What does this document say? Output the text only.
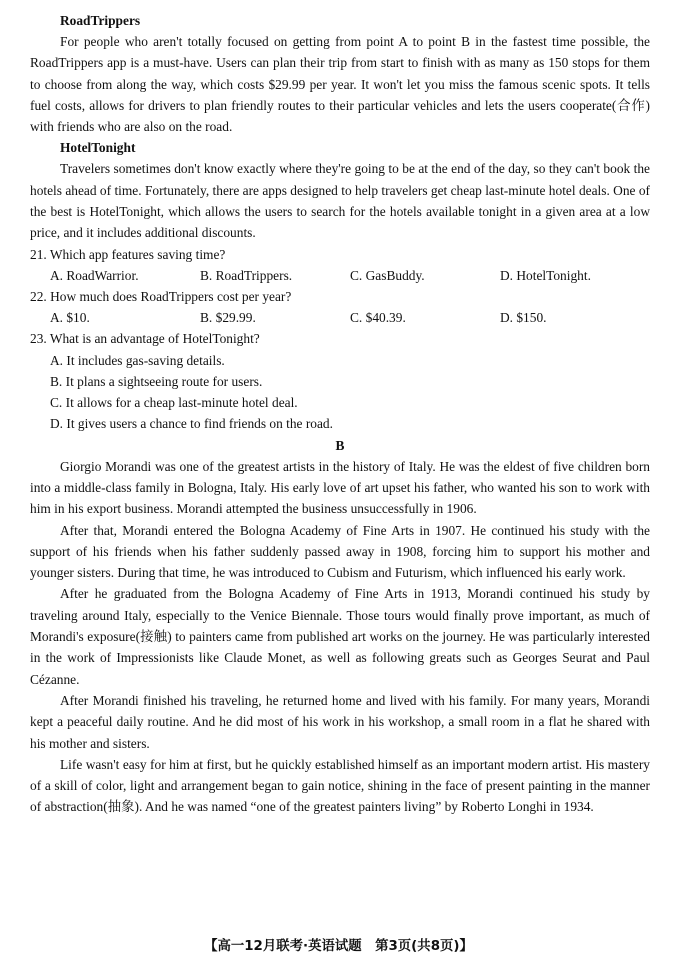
RoadTrippers

For people who aren't totally focused on getting from point A to point B in the fastest time possible, the RoadTrippers app is a must-have. Users can plan their trip from start to finish with as many as 150 stops for them to choose from along the way, which costs $29.99 per year. It won't let you miss the famous scenic spots. It tells fuel costs, allows for drivers to plan friendly routes to their particular vehicles and lets the users cooperate(合作) with friends who are also on the road.

HotelTonight

Travelers sometimes don't know exactly where they're going to be at the end of the day, so they can't book the hotels ahead of time. Fortunately, there are apps designed to help travelers get cheap last-minute hotel deals. One of the best is HotelTonight, which allows the users to search for the hotels available tonight in a given area at a low price, and it includes additional discounts.

21. Which app features saving time?

A. RoadWarrior.	B. RoadTrippers.	C. GasBuddy.	D. HotelTonight.

22. How much does RoadTrippers cost per year?

A. $10.	B. $29.99.	C. $40.39.	D. $150.

23. What is an advantage of HotelTonight?

A. It includes gas-saving details.

B. It plans a sightseeing route for users.

C. It allows for a cheap last-minute hotel deal.

D. It gives users a chance to find friends on the road.

B

Giorgio Morandi was one of the greatest artists in the history of Italy. He was the eldest of five children born into a middle-class family in Bologna, Italy. His early love of art upset his father, who wanted his son to work with him in his export business. Morandi attempted the business unsuccessfully in 1906.

After that, Morandi entered the Bologna Academy of Fine Arts in 1907. He continued his study with the support of his friends when his father suddenly passed away in 1908, forcing him to support his mother and younger sisters. During that time, he was introduced to Cubism and Futurism, which influenced his early work.

After he graduated from the Bologna Academy of Fine Arts in 1913, Morandi continued his study by traveling around Italy, especially to the Venice Biennale. Those tours would finally prove important, as much of Morandi's exposure(接触) to painters came from published art works on the journey. He was particularly interested in the work of Impressionists like Claude Monet, as well as following greats such as Georges Seurat and Paul Cézanne.

After Morandi finished his traveling, he returned home and lived with his family. For many years, Morandi kept a peaceful daily routine. And he did most of his work in his workshop, a small room in a flat he shared with his mother and sisters.

Life wasn't easy for him at first, but he quickly established himself as an important modern artist. His mastery of a skill of color, light and arrangement began to gain notice, shining in the face of present painting in the manner of abstraction(抽象). And he was named “one of the greatest painters living” by Roberto Longhi in 1934.

【高一12月联考·英语试题　第3页(共8页)】
